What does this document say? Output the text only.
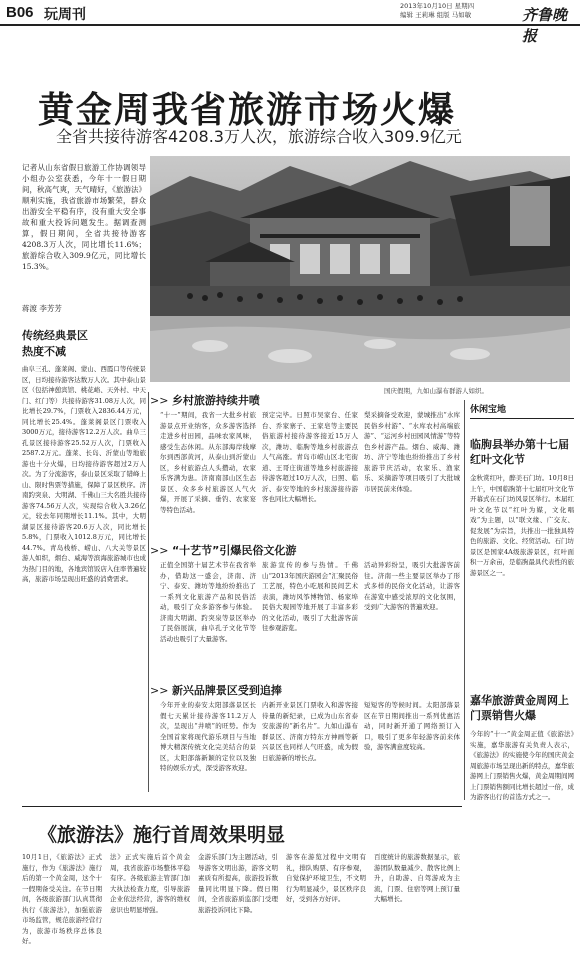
B06 玩周刊
2013年10月10日 星期四
编辑 王莉琳 组版 马如敏	齐鲁晚报
黄金周我省旅游市场火爆
全省共接待游客4208.3万人次，旅游综合收入309.9亿元
记者从山东省假日旅游工作协调领导小组办公室获悉，今年十一假日期间，秋高气爽，天气晴好，《旅游法》顺利实施，我省旅游市场繁荣，群众出游安全平稳有序，没有重大安全事故和重大投诉问题发生。据调查测算，假日期间，全省共接待游客4208.3万人次，同比增长11.6%；旅游综合收入309.9亿元，同比增长15.3%。
蒋渡 李芳芳
国庆假期，九如山瀑布群游人如织。
传统经典景区
热度不减
曲阜三孔、蓬莱阁、蒙山、西霞口等传统景区，日均接待游客达数万人次。其中泰山景区（包括神憩宾馆、桃花峪、天外村、中天门、红门等）共接待游客31.08万人次，同比增长29.7%，门票收入2836.44万元，同比增长25.4%。蓬莱阁景区门票收入3000万元，接待游客12.2万人次。曲阜三孔景区接待游客25.52万人次，门票收入2587.2万元。蓬莱、长岛、沂蒙山等地旅游也十分火爆，日均接待游客超过2万人次。为了分流游客，泰山景区采取了错峰上山、限时售票等措施，保障了景区秩序。济南趵突泉、大明湖、千佛山三大名胜共接待游客74.56万人次，实现综合收入3.26亿元，较去年同期增长11.1%。其中，大明湖景区接待游客20.6万人次，同比增长5.8%，门票收入1012.8万元，同比增长44.7%。青岛栈桥、崂山、八大关等景区游人如织，烟台、威海等滨海旅游城市也成为热门目的地，各地宾馆饭店入住率普遍较高，旅游市场呈现出旺盛的消费需求。
>> 乡村旅游持续井喷
“十一”期间，我省一大批乡村旅游景点开业纳客，众多游客选择走进乡村田园，品味农家风味，感受生态休闲。从东部海岸线摩尔到西部黄河，从泰山到沂蒙山区，乡村旅游点人头攒动，农家乐客满为患。济南南部山区生态景区、众多乡村旅游区人气火爆，开展了采摘、垂钓、农家宴等特色活动。
预定完毕。日照市吴家台、任家台、乔家寨子、王家皂等主要民俗旅游村接待游客接近15万人次，潍坊、临朐等地乡村旅游点人气高涨。青岛市崂山区北宅街道、王哥庄街道等地乡村旅游接待游客超过10万人次，日照、临沂、泰安等地的乡村旅游接待游客也同比大幅增长。
梨采摘备受欢迎，蒙城推出“水库民俗乡村游”、“水库农村高端旅游”、“运河乡村田园风情游”等特色乡村游产品。烟台、威海、潍坊、济宁等地也纷纷推出了乡村旅游节庆活动，农家乐、渔家乐、采摘游等项目吸引了大批城市居民前来体验。
>> “十艺节”引爆民俗文化游
正值全国第十届艺术节在我省举办，借助这一盛会，济南、济宁、泰安、潍坊等地纷纷推出了一系列文化旅游产品和民俗活动，吸引了众多游客参与体验。济南大明湖、趵突泉等景区举办了民俗展演，曲阜孔子文化节等活动也吸引了大量游客。
旅游宣传的参与热情。千佛山“2013年国庆游园会”汇聚民俗工艺展，特色小吃展和民间艺术表演，潍坊风筝博物馆、杨家埠民俗大观园等地开展了丰富多彩的文化活动，吸引了大批游客前往参观游览。
活动异彩纷呈，吸引大批游客前往。济南一些主要景区举办了形式多样的民俗文化活动，让游客在游览中感受浓厚的文化氛围，受到广大游客的普遍欢迎。
>> 新兴品牌景区受到追捧
今年开业的泰安太阳部落景区长假七天累计接待游客11.2万人次，呈现出“井喷”的旺势。作为全国首家将现代游乐项目与当地博大精深传统文化完美结合的景区，太阳部落新颖的定位以及独特的娱乐方式，深受游客欢迎。
内新开业景区门票收入和游客接待量的新纪录，已成为山东省泰安旅游的“新名片”。九如山瀑布群景区、济南方特东方神画等新兴景区也同样人气旺盛，成为假日旅游新的增长点。
短短客的等候时间。太阳部落景区在节日期间推出一系列优惠活动，同时新开通了网络预订入口，吸引了更多年轻游客前来体验，游客满意度较高。
休闲宝地
临朐县举办第十七届红叶文化节
金秋赏红叶，醉美石门坊。10月8日上午，中国临朐第十七届红叶文化节开幕式在石门坊风景区举行。本届红叶文化节以“红叶为媒，文化唱戏”为主题，以“联文缘、广交友、促发展”为宗旨，共推出一批独具特色的旅游、文化、经贸活动。石门坊景区是国家4A级旅游景区，红叶面积一万余亩，是临朐最具代表性的旅游景区之一。
嘉华旅游黄金周网上门票销售火爆
今年的“十一”黄金周正值《旅游法》实施，嘉华旅游有关负责人表示，《旅游法》的实施使今年的国庆黄金周旅游市场呈现出新的特点，嘉华旅游网上门票销售火爆，黄金周期间网上门票销售额同比增长超过一倍，成为游客出行的首选方式之一。
《旅游法》施行首周效果明显
10月1日，《旅游法》正式施行，作为《旅游法》施行后的第一个黄金周，这个十一假期备受关注。在节日期间，各级旅游部门认真贯彻执行《旅游法》，加强旅游市场监管，规范旅游经营行为，旅游市场秩序总体良好。
法》正式实施后首个黄金周，我省旅游市场整体平稳有序。各级旅游主管部门加大执法检查力度，引导旅游企业依法经营，游客的维权意识也明显增强。
金游乐部门为主题活动，引导游客文明出游，游客文明素质有所提高，旅游投诉数量同比明显下降。假日期间，全省旅游质监部门受理旅游投诉同比下降。
游客在游览过程中文明有礼，排队购票、有序参观，自觉保护环境卫生，不文明行为明显减少，景区秩序良好，受到各方好评。
百度统计的旅游数据显示，旅游团队数量减少、散客比例上升，自助游、自驾游成为主流，门票、住宿等网上预订量大幅增长。
